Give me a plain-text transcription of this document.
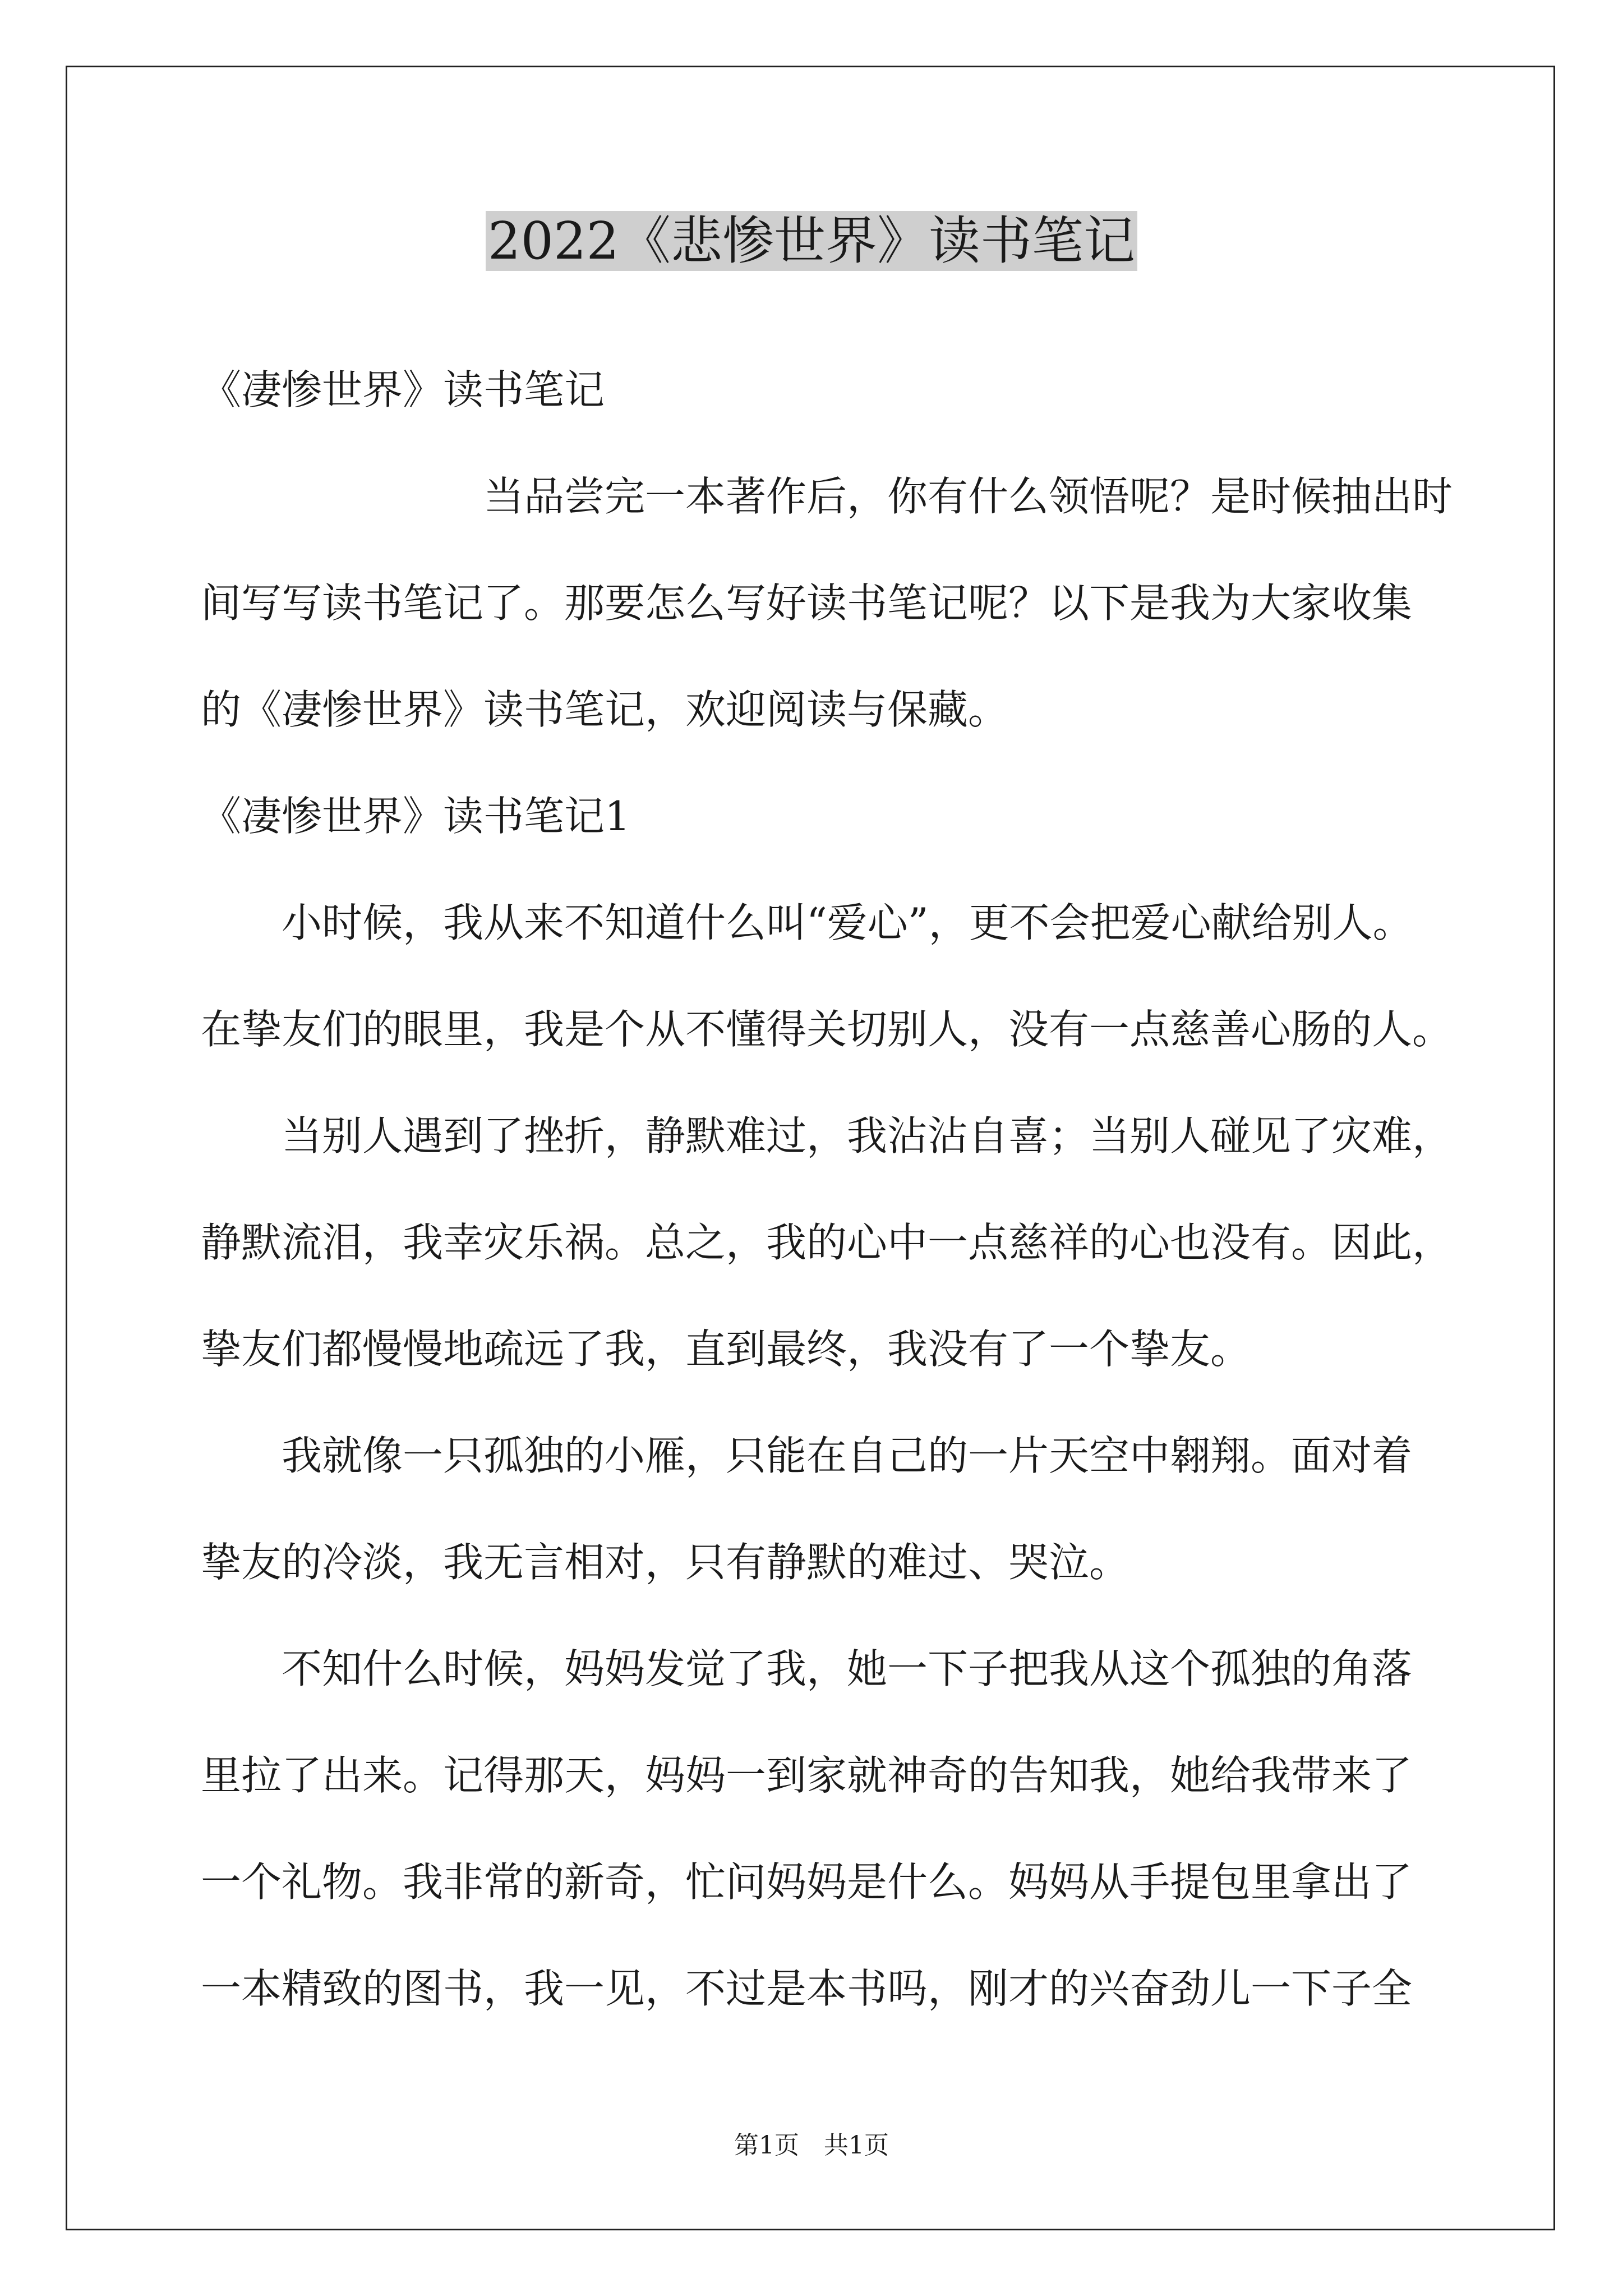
2022《悲惨世界》读书笔记
《凄惨世界》读书笔记
　　　　　　　当品尝完一本著作后，你有什么领悟呢？是时候抽出时
间写写读书笔记了。那要怎么写好读书笔记呢？以下是我为大家收集
的《凄惨世界》读书笔记，欢迎阅读与保藏。
《凄惨世界》读书笔记1
　　小时候，我从来不知道什么叫“爱心”，更不会把爱心献给别人。
在挚友们的眼里，我是个从不懂得关切别人，没有一点慈善心肠的人。
　　当别人遇到了挫折，静默难过，我沾沾自喜；当别人碰见了灾难，
静默流泪，我幸灾乐祸。总之，我的心中一点慈祥的心也没有。因此，
挚友们都慢慢地疏远了我，直到最终，我没有了一个挚友。
　　我就像一只孤独的小雁，只能在自己的一片天空中翱翔。面对着
挚友的冷淡，我无言相对，只有静默的难过、哭泣。
　　不知什么时候，妈妈发觉了我，她一下子把我从这个孤独的角落
里拉了出来。记得那天，妈妈一到家就神奇的告知我，她给我带来了
一个礼物。我非常的新奇，忙问妈妈是什么。妈妈从手提包里拿出了
一本精致的图书，我一见，不过是本书吗，刚才的兴奋劲儿一下子全
第1页　共1页
